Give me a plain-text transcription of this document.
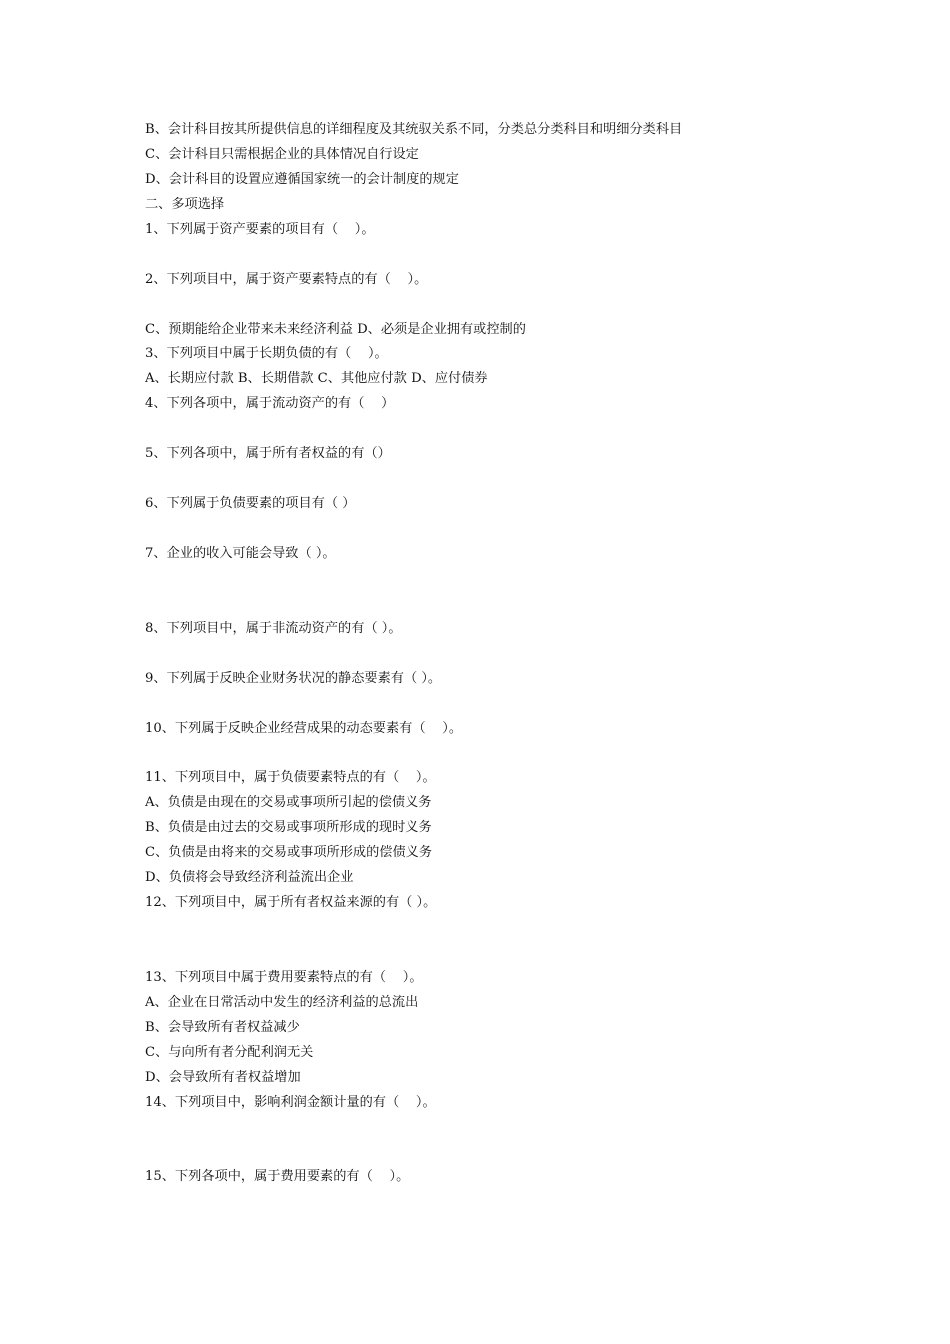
B、会计科目按其所提供信息的详细程度及其统驭关系不同，分类总分类科目和明细分类科目
C、会计科目只需根据企业的具体情况自行设定
D、会计科目的设置应遵循国家统一的会计制度的规定
二、多项选择
1、下列属于资产要素的项目有（    ）。

2、下列项目中，属于资产要素特点的有（    ）。

C、预期能给企业带来未来经济利益 D、必须是企业拥有或控制的
3、下列项目中属于长期负债的有（    ）。
A、长期应付款 B、长期借款 C、其他应付款 D、应付债券
4、下列各项中，属于流动资产的有（    ）

5、下列各项中，属于所有者权益的有（）

6、下列属于负债要素的项目有（ ）

7、企业的收入可能会导致（ ）。

8、下列项目中，属于非流动资产的有（ ）。

9、下列属于反映企业财务状况的静态要素有（ ）。

10、下列属于反映企业经营成果的动态要素有（    ）。

11、下列项目中，属于负债要素特点的有（    ）。
A、负债是由现在的交易或事项所引起的偿债义务
B、负债是由过去的交易或事项所形成的现时义务
C、负债是由将来的交易或事项所形成的偿债义务
D、负债将会导致经济利益流出企业
12、下列项目中，属于所有者权益来源的有（ ）。

13、下列项目中属于费用要素特点的有（    ）。
A、企业在日常活动中发生的经济利益的总流出
B、会导致所有者权益减少
C、与向所有者分配利润无关
D、会导致所有者权益增加
14、下列项目中，影响利润金额计量的有（    ）。

15、下列各项中，属于费用要素的有（    ）。
